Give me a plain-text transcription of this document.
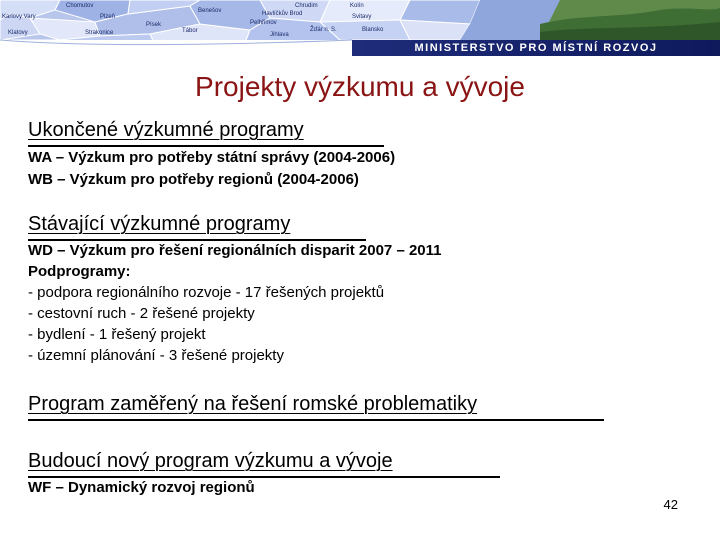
Chomutov
Karlovy Vary	Plzeň
Klatovy	Strakonice
Písek
Tábor
Pelhřimov
Jihlava
Žďár n. S.
Chrudim
Havlíčkův Brod
Kolín
Benešov
Svitavy
Blansko
MINISTERSTVO PRO MÍSTNÍ ROZVOJ
Projekty výzkumu a vývoje
Ukončené výzkumné programy
WA – Výzkum pro potřeby státní správy (2004-2006)
WB – Výzkum pro potřeby regionů (2004-2006)
Stávající výzkumné programy
WD – Výzkum pro řešení regionálních disparit 2007 – 2011
Podprogramy:
- podpora regionálního rozvoje - 17 řešených projektů
- cestovní ruch - 2 řešené projekty
- bydlení - 1 řešený projekt
- územní plánování - 3 řešené projekty
Program zaměřený na řešení romské problematiky
Budoucí nový program výzkumu a vývoje
WF – Dynamický rozvoj regionů
42
